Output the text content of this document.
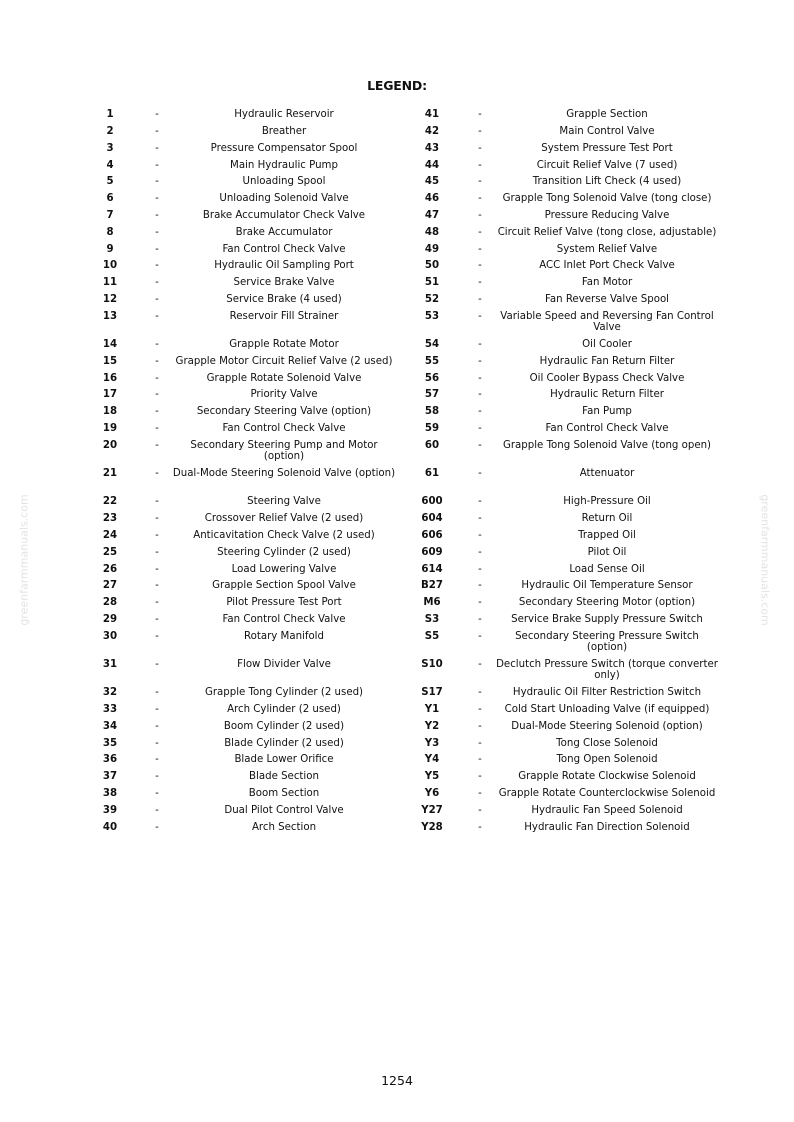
LEGEND:
greenfarmmanuals.com	greenfarmmanuals.com
1	-	Hydraulic Reservoir
2	-	Breather
3	-	Pressure Compensator Spool
4	-	Main Hydraulic Pump
5	-	Unloading Spool
6	-	Unloading Solenoid Valve
7	-	Brake Accumulator Check Valve
8	-	Brake Accumulator
9	-	Fan Control Check Valve
10	-	Hydraulic Oil Sampling Port
11	-	Service Brake Valve
12	-	Service Brake (4 used)
13	-	Reservoir Fill Strainer
14	-	Grapple Rotate Motor
15	-	Grapple Motor Circuit Relief Valve (2 used)
16	-	Grapple Rotate Solenoid Valve
17	-	Priority Valve
18	-	Secondary Steering Valve (option)
19	-	Fan Control Check Valve
20	-	Secondary Steering Pump and Motor (option)
21	- Dual-Mode Steering Solenoid Valve (option)
22	-	Steering Valve
23	-	Crossover Relief Valve (2 used)
24	-	Anticavitation Check Valve (2 used)
25	-	Steering Cylinder (2 used)
26	-	Load Lowering Valve
27	-	Grapple Section Spool Valve
28	-	Pilot Pressure Test Port
29	-	Fan Control Check Valve
30	-	Rotary Manifold
31	-	Flow Divider Valve
32	-	Grapple Tong Cylinder (2 used)
33	-	Arch Cylinder (2 used)
34	-	Boom Cylinder (2 used)
35	-	Blade Cylinder (2 used)
36	-	Blade Lower Orifice
37	-	Blade Section
38	-	Boom Section
39	-	Dual Pilot Control Valve
40	-	Arch Section
41	-	Grapple Section
42	-	Main Control Valve
43	-	System Pressure Test Port
44	-	Circuit Relief Valve (7 used)
45	-	Transition Lift Check (4 used)
46	-	Grapple Tong Solenoid Valve (tong close)
47	-	Pressure Reducing Valve
48	-	Circuit Relief Valve (tong close, adjustable)
49	-	System Relief Valve
50	-	ACC Inlet Port Check Valve
51	-	Fan Motor
52	-	Fan Reverse Valve Spool
53	-	Variable Speed and Reversing Fan Control Valve
54	-	Oil Cooler
55	-	Hydraulic Fan Return Filter
56	-	Oil Cooler Bypass Check Valve
57	-	Hydraulic Return Filter
58	-	Fan Pump
59	-	Fan Control Check Valve
60	-	Grapple Tong Solenoid Valve (tong open)
61	-	Attenuator
600	-	High-Pressure Oil
604	-	Return Oil
606	-	Trapped Oil
609	-	Pilot Oil
614	-	Load Sense Oil
B27	-	Hydraulic Oil Temperature Sensor
M6	-	Secondary Steering Motor (option)
S3	-	Service Brake Supply Pressure Switch
S5	-	Secondary Steering Pressure Switch (option)
S10	- Declutch Pressure Switch (torque converter only)
S17	-	Hydraulic Oil Filter Restriction Switch
Y1	-	Cold Start Unloading Valve (if equipped)
Y2	-	Dual-Mode Steering Solenoid (option)
Y3	-	Tong Close Solenoid
Y4	-	Tong Open Solenoid
Y5	-	Grapple Rotate Clockwise Solenoid
Y6	-	Grapple Rotate Counterclockwise Solenoid
Y27	-	Hydraulic Fan Speed Solenoid
Y28	-	Hydraulic Fan Direction Solenoid
1254
